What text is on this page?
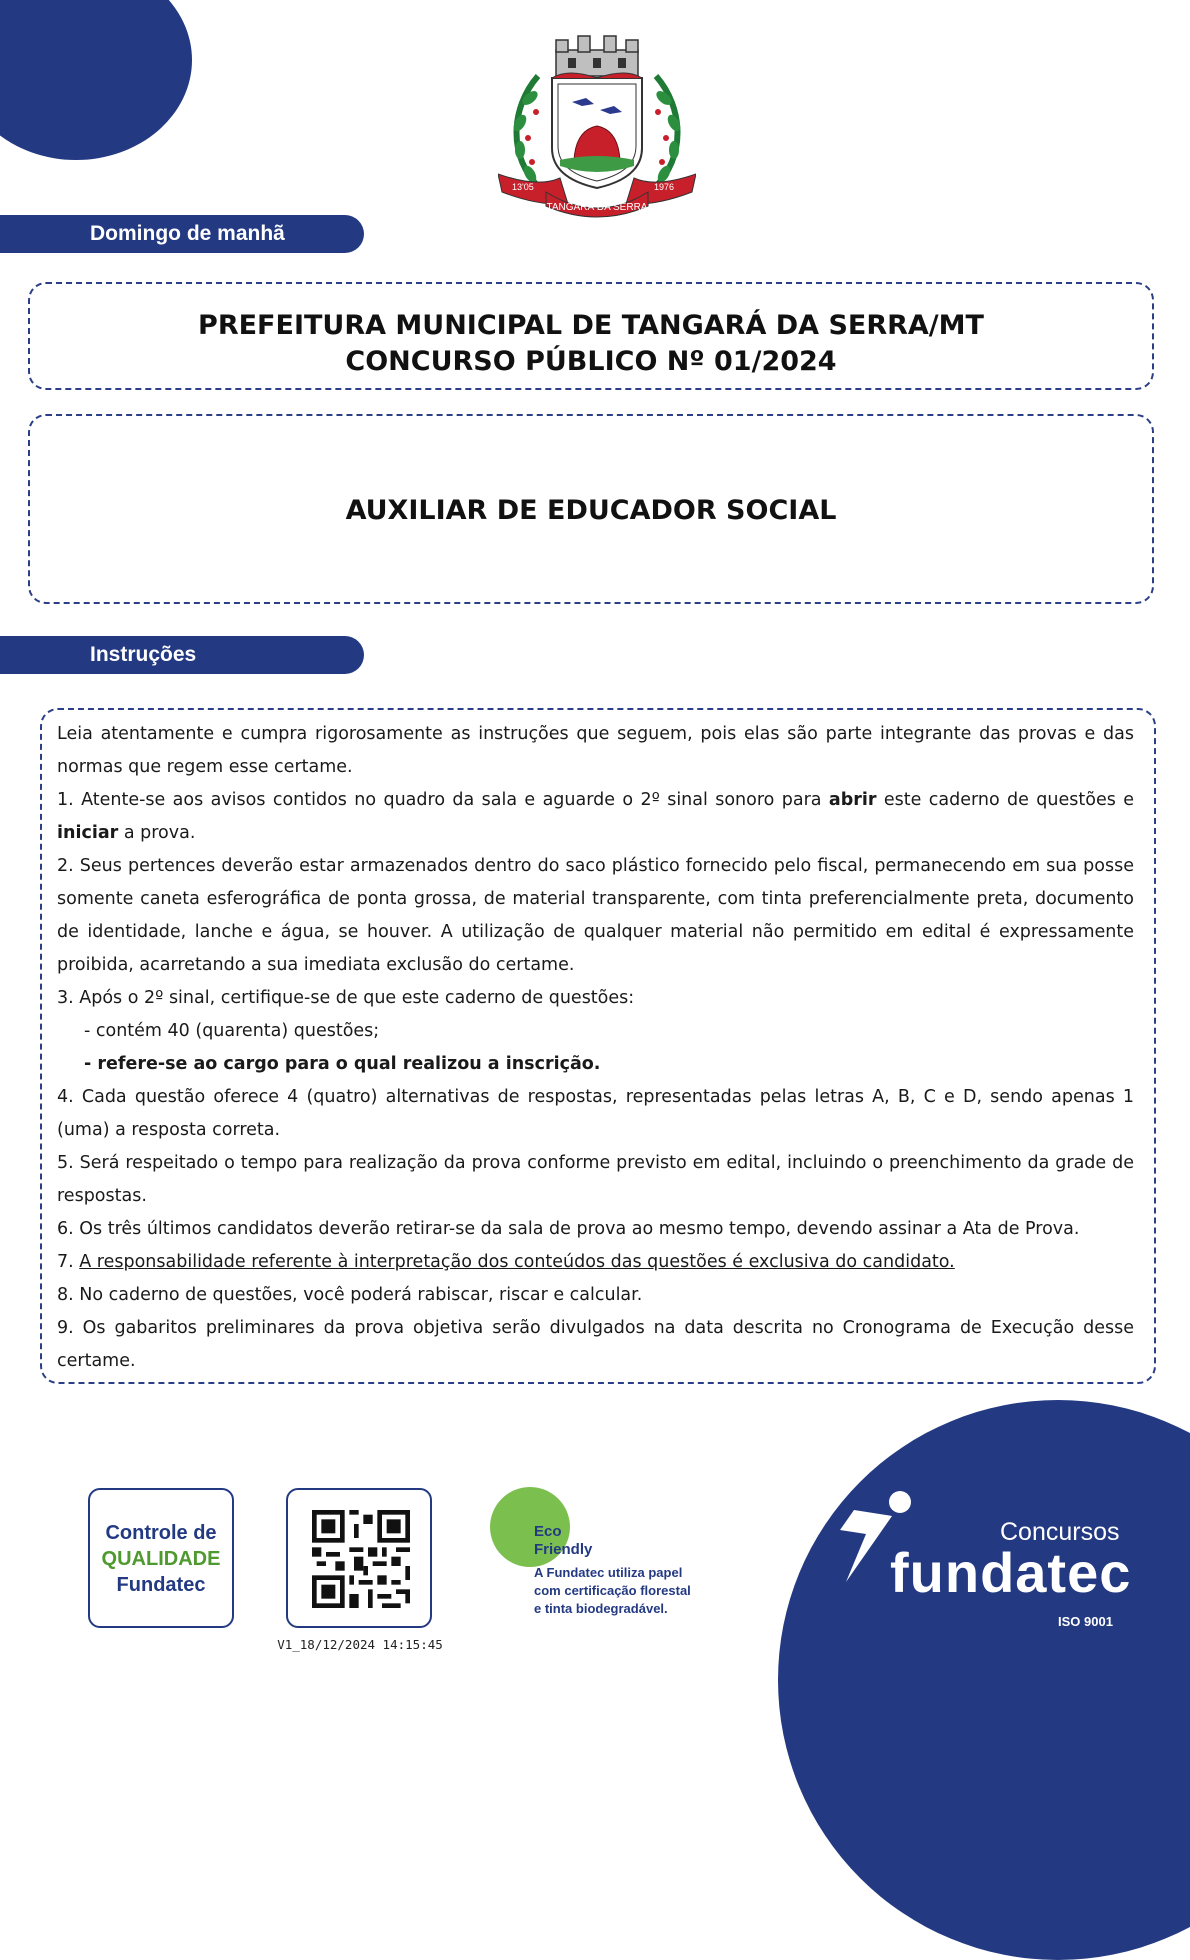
13'05	1976
TANGARÁ DA SERRA
Domingo de manhã
PREFEITURA MUNICIPAL DE TANGARÁ DA SERRA/MT
CONCURSO PÚBLICO Nº 01/2024
AUXILIAR DE EDUCADOR SOCIAL
Instruções

Leia atentamente e cumpra rigorosamente as instruções que seguem, pois elas são parte integrante das provas e das normas que regem esse certame.

1. Atente-se aos avisos contidos no quadro da sala e aguarde o 2º sinal sonoro para abrir este caderno de questões e iniciar a prova.

2. Seus pertences deverão estar armazenados dentro do saco plástico fornecido pelo fiscal, permanecendo em sua posse somente caneta esferográfica de ponta grossa, de material transparente, com tinta preferencialmente preta, documento de identidade, lanche e água, se houver. A utilização de qualquer material não permitido em edital é expressamente proibida, acarretando a sua imediata exclusão do certame.

3. Após o 2º sinal, certifique-se de que este caderno de questões:

- contém 40 (quarenta) questões;

- refere-se ao cargo para o qual realizou a inscrição.

4. Cada questão oferece 4 (quatro) alternativas de respostas, representadas pelas letras A, B, C e D, sendo apenas 1 (uma) a resposta correta.

5. Será respeitado o tempo para realização da prova conforme previsto em edital, incluindo o preenchimento da grade de respostas.

6. Os três últimos candidatos deverão retirar-se da sala de prova ao mesmo tempo, devendo assinar a Ata de Prova.

7. A responsabilidade referente à interpretação dos conteúdos das questões é exclusiva do candidato.

8. No caderno de questões, você poderá rabiscar, riscar e calcular.

9. Os gabaritos preliminares da prova objetiva serão divulgados na data descrita no Cronograma de Execução desse certame.

Controle de
QUALIDADE
Fundatec
V1_18/12/2024 14:15:45
Eco
Friendly
A Fundatec utiliza papel
com certificação florestal
e tinta biodegradável.
Concursos
fundatec
ISO 9001
